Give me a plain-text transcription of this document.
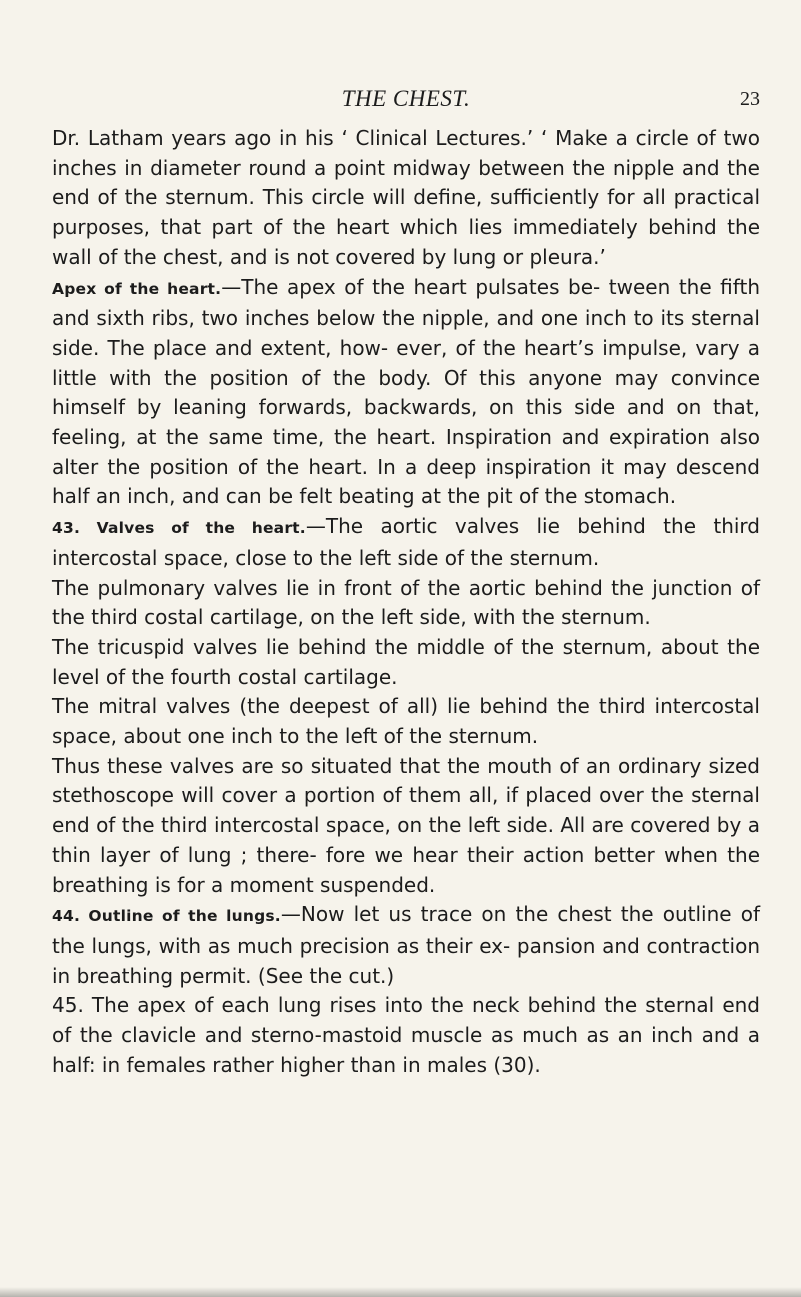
THE CHEST.	23

Dr. Latham years ago in his ‘ Clinical Lectures.’ ‘ Make a circle of two inches in diameter round a point midway between the nipple and the end of the sternum. This circle will define, sufficiently for all practical purposes, that part of the heart which lies immediately behind the wall of the chest, and is not covered by lung or pleura.’

Apex of the heart.—The apex of the heart pulsates be- tween the fifth and sixth ribs, two inches below the nipple, and one inch to its sternal side. The place and extent, how- ever, of the heart’s impulse, vary a little with the position of the body. Of this anyone may convince himself by leaning forwards, backwards, on this side and on that, feeling, at the same time, the heart. Inspiration and expiration also alter the position of the heart. In a deep inspiration it may descend half an inch, and can be felt beating at the pit of the stomach.

43. Valves of the heart.—The aortic valves lie behind the third intercostal space, close to the left side of the sternum.

The pulmonary valves lie in front of the aortic behind the junction of the third costal cartilage, on the left side, with the sternum.

The tricuspid valves lie behind the middle of the sternum, about the level of the fourth costal cartilage.

The mitral valves (the deepest of all) lie behind the third intercostal space, about one inch to the left of the sternum.

Thus these valves are so situated that the mouth of an ordinary sized stethoscope will cover a portion of them all, if placed over the sternal end of the third intercostal space, on the left side. All are covered by a thin layer of lung ; there- fore we hear their action better when the breathing is for a moment suspended.

44. Outline of the lungs.—Now let us trace on the chest the outline of the lungs, with as much precision as their ex- pansion and contraction in breathing permit. (See the cut.)

45. The apex of each lung rises into the neck behind the sternal end of the clavicle and sterno-mastoid muscle as much as an inch and a half: in females rather higher than in males (30).
